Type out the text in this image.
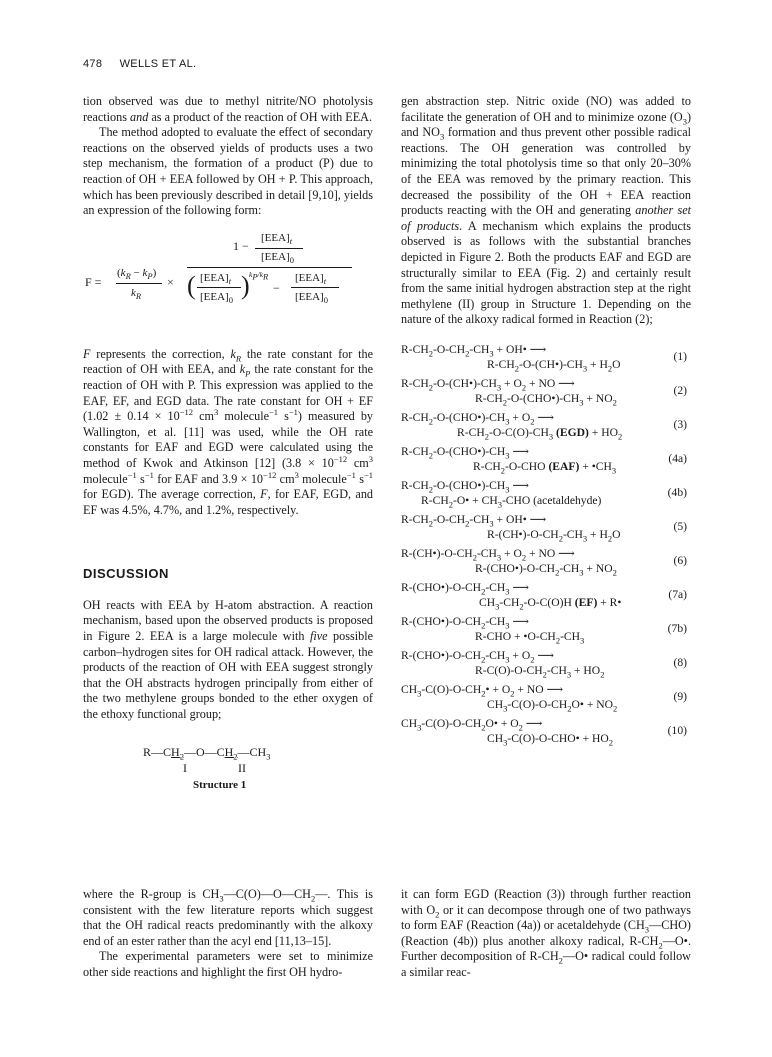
478 WELLS ET AL.

tion observed was due to methyl nitrite/NO photolysis reactions and as a product of the reaction of OH with EEA.

The method adopted to evaluate the effect of secondary reactions on the observed yields of products uses a two step mechanism, the formation of a product (P) due to reaction of OH + EEA followed by OH + P. This approach, which has been previously described in detail [9,10], yields an expression of the following form:

F =
$(k_R - k_P)$
$k_R$
×
1 −
$[EEA]_t$
$[EEA]_0$
( $[EEA]_t$
$[EEA]_0$
) $k_P/k_R$
−
$[EEA]_t$
$[EEA]_0$

F represents the correction, $k_R$ the rate constant for the reaction of OH with EEA, and $k_P$ the rate constant for the reaction of OH with P. This expression was applied to the EAF, EF, and EGD data. The rate constant for OH + EF ($1.02 \pm 0.14 \times 10^{-12}$ $cm^3$ molecule$^{-1}$ $s^{-1}$) measured by Wallington, et al. [11] was used, while the OH rate constants for EAF and EGD were calculated using the method of Kwok and Atkinson [12] ($3.8 \times 10^{-12}$ $cm^3$ molecule$^{-1}$ $s^{-1}$ for EAF and $3.9 \times 10^{-12}$ $cm^3$ molecule$^{-1}$ $s^{-1}$ for EGD). The average correction, F, for EAF, EGD, and EF was 4.5%, 4.7%, and 1.2%, respectively.

DISCUSSION

OH reacts with EEA by H-atom abstraction. A reaction mechanism, based upon the observed products is proposed in Figure 2. EEA is a large molecule with five possible carbon–hydrogen sites for OH radical attack. However, the products of the reaction of OH with EEA suggest strongly that the OH abstracts hydrogen principally from either of the two methylene groups bonded to the ether oxygen of the ethoxy functional group;

$R—CH_2—O—CH_2—CH_3$
I	II
Structure 1

where the R-group is $CH_3—C(O)—O—CH_2—$. This is consistent with the few literature reports which suggest that the OH radical reacts predominantly with the alkoxy end of an ester rather than the acyl end [11,13–15].

The experimental parameters were set to minimize other side reactions and highlight the first OH hydro-

gen abstraction step. Nitric oxide (NO) was added to facilitate the generation of OH and to minimize ozone $(O_3)$ and $NO_3$ formation and thus prevent other possible radical reactions. The OH generation was controlled by minimizing the total photolysis time so that only 20–30% of the EEA was removed by the primary reaction. This decreased the possibility of the OH + EEA reaction products reacting with the OH and generating another set of products. A mechanism which explains the products observed is as follows with the substantial branches depicted in Figure 2. Both the products EAF and EGD are structurally similar to EEA (Fig. 2) and certainly result from the same initial hydrogen abstraction step at the right methylene (II) group in Structure 1. Depending on the nature of the alkoxy radical formed in Reaction (2);

$R-CH_2-O-CH_2-CH_3$ + OH• ⟶
$R-CH_2-O-(CH•)-CH_3 + H_2O$
(1)
$R-CH_2-O-(CH•)-CH_3 + O_2$ + NO ⟶
$R-CH_2-O-(CHO•)-CH_3 + NO_2$
(2)
$R-CH_2-O-(CHO•)-CH_3 + O_2$ ⟶
$R-CH_2-O-C(O)-CH_3$ $(EGD) + HO_2$
(3)
$R-CH_2-O-(CHO•)-CH_3$ ⟶
$R-CH_2-O$-CHO $(EAF) + •CH_3$
(4a)
$R-CH_2-O-(CHO•)-CH_3$ ⟶
$R-CH_2-O• + CH_3-CHO$ (acetaldehyde)
(4b)
$R-CH_2-O-CH_2-CH_3$ + OH• ⟶
$R-(CH•)-O-CH_2-CH_3 + H_2O$
(5)
$R-(CH•)-O-CH_2-CH_3 + O_2$ + NO ⟶
$R-(CHO•)-O-CH_2-CH_3 + NO_2$
(6)
$R-(CHO•)-O-CH_2-CH_3$ ⟶
$CH_3-CH_2-O-C(O)H$ (EF) + R•
(7a)
$R-(CHO•)-O-CH_2-CH_3$ ⟶
$R-CHO + •O-CH_2-CH_3$
(7b)
$R-(CHO•)-O-CH_2-CH_3 + O_2$ ⟶
$R-C(O)-O-CH_2-CH_3 + HO_2$
(8)
$CH_3-C(O)-O-CH_2• + O_2$ + NO ⟶
$CH_3-C(O)-O-CH_2O• + NO_2$
(9)
$CH_3-C(O)-O-CH_2O• + O_2$ ⟶
$CH_3-C(O)-O-CHO• + HO_2$
(10)

it can form EGD (Reaction (3)) through further reaction with $O_2$ or it can decompose through one of two pathways to form EAF (Reaction (4a)) or acetaldehyde $(CH_3—CHO)$ (Reaction (4b)) plus another alkoxy radical, $R-CH_2—O•$. Further decomposition of $R-CH_2—O•$ radical could follow a similar reac-
